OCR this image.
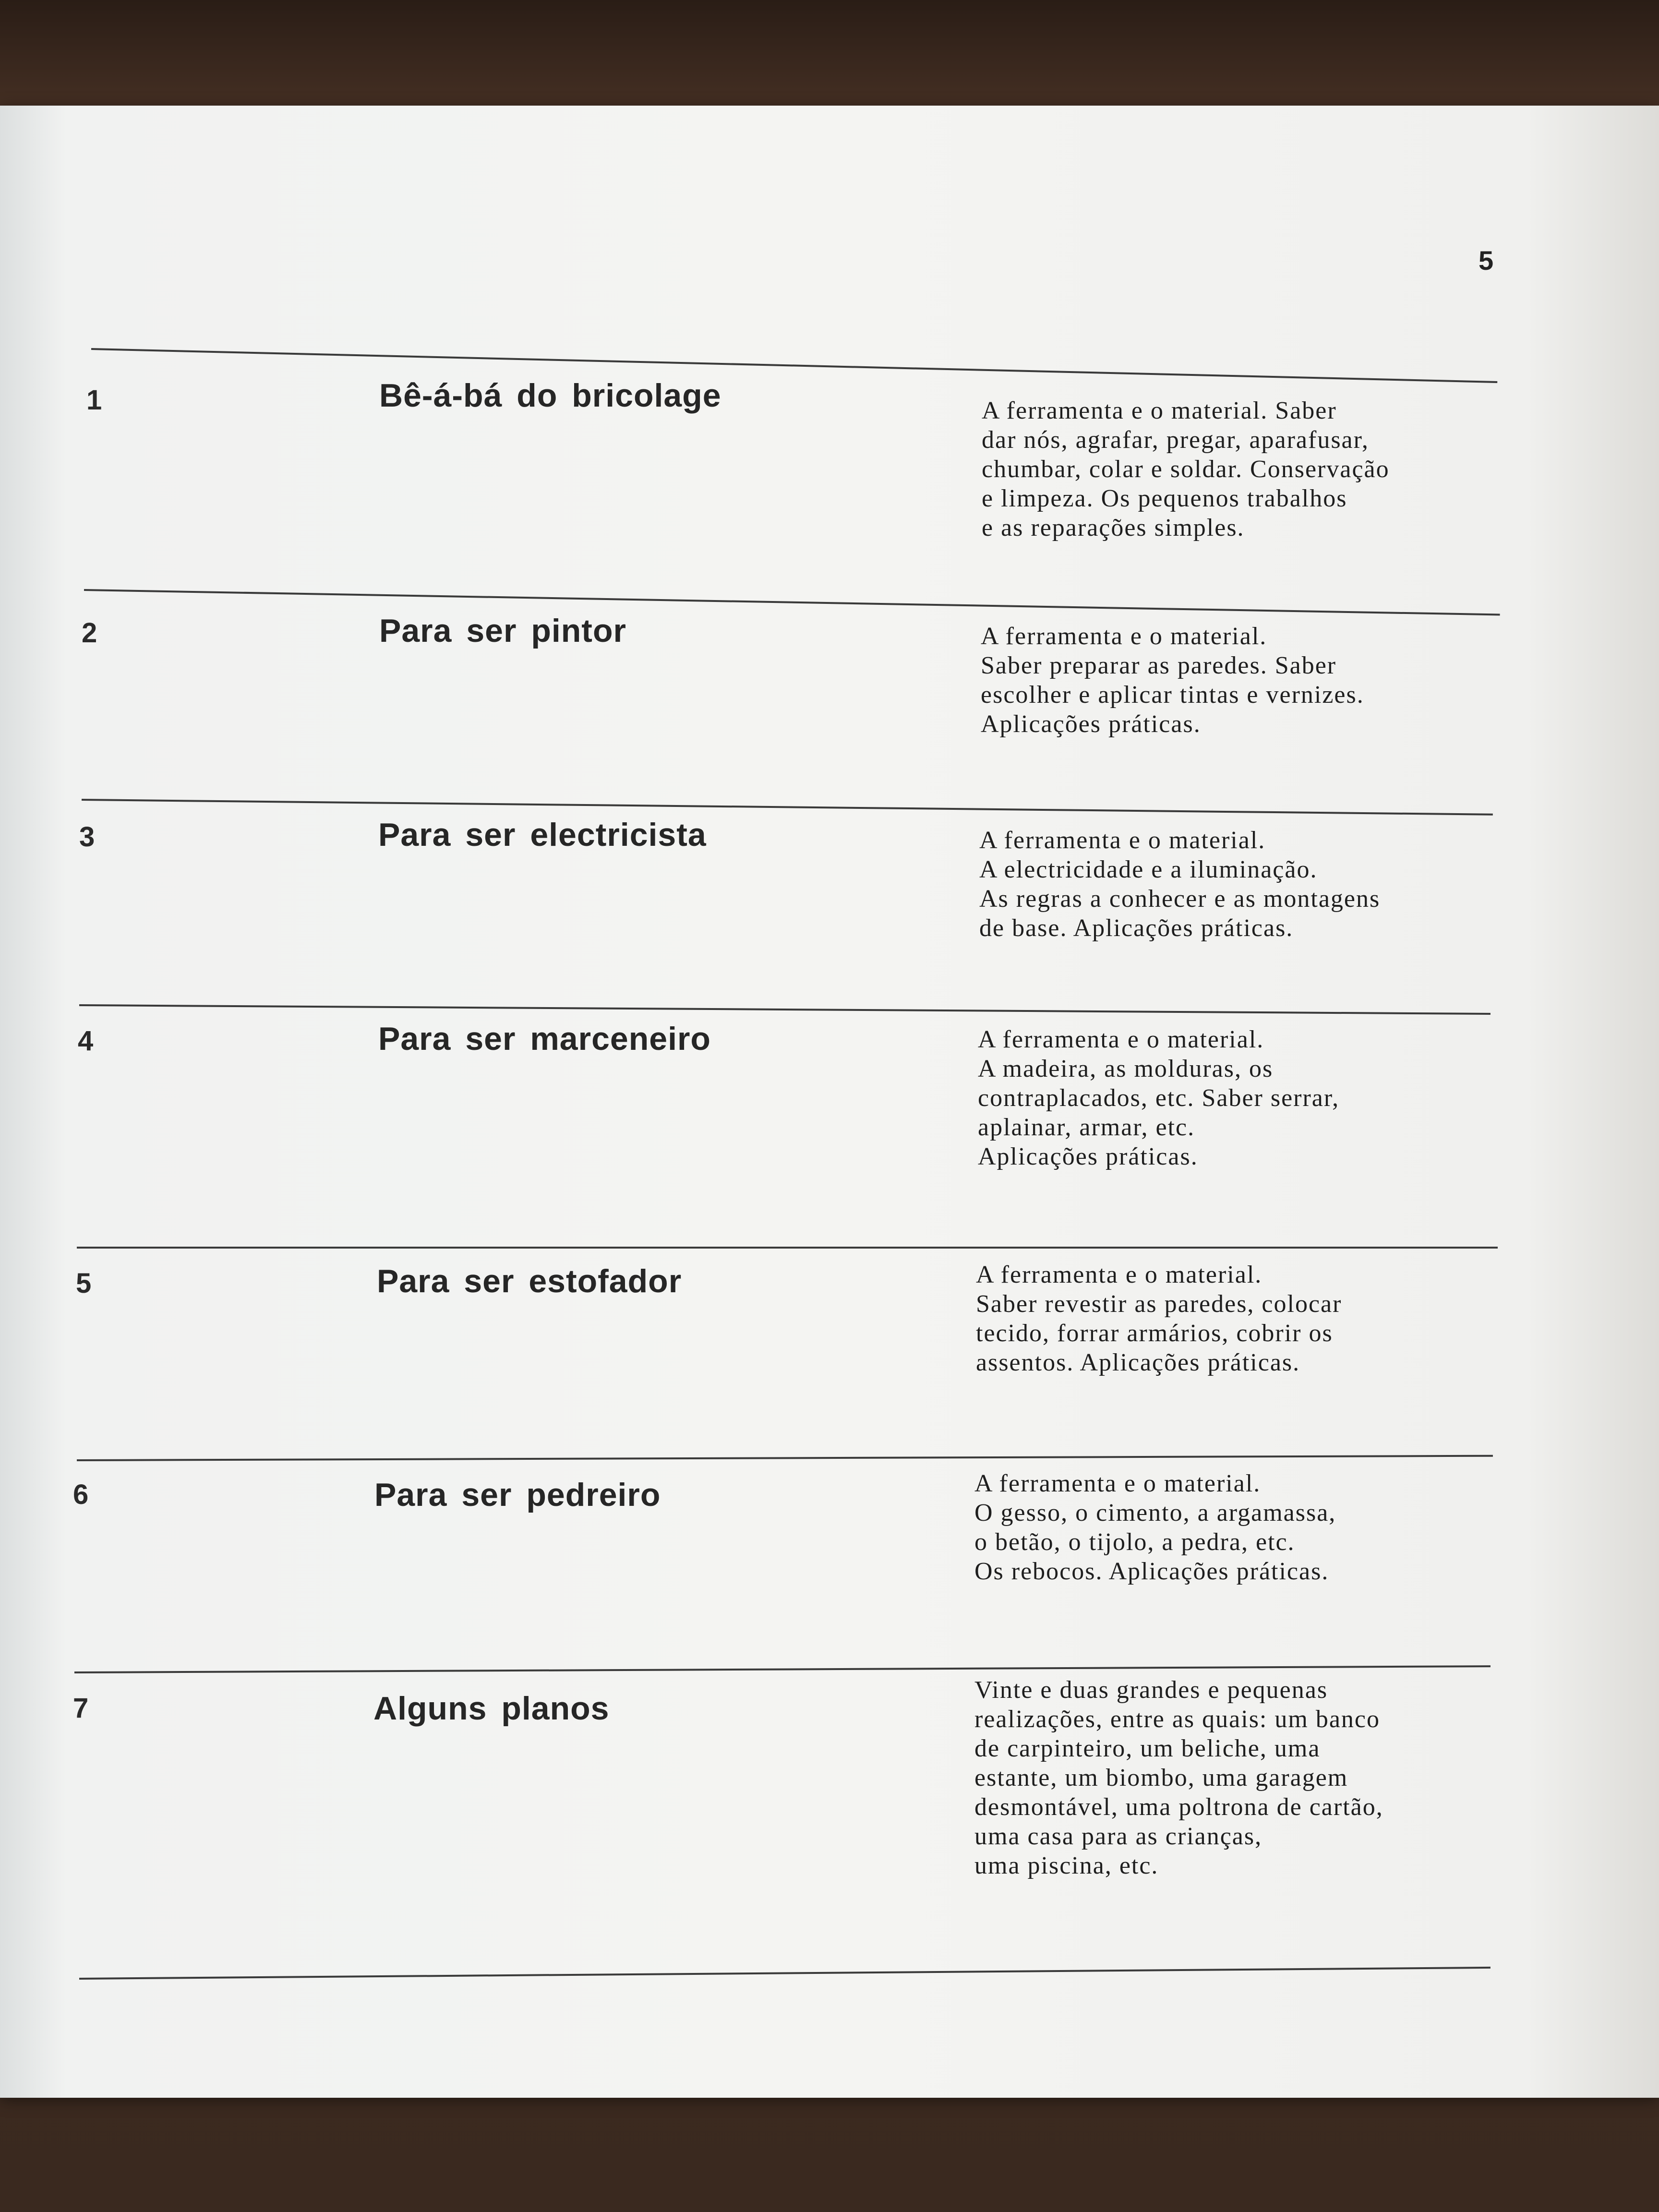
5
1	Bê-á-bá do bricolage	A ferramenta e o material. Saber
dar nós, agrafar, pregar, aparafusar,
chumbar, colar e soldar. Conservação
e limpeza. Os pequenos trabalhos
e as reparações simples.
2	Para ser pintor	A ferramenta e o material.
Saber preparar as paredes. Saber
escolher e aplicar tintas e vernizes.
Aplicações práticas.
3	Para ser electricista	A ferramenta e o material.
A electricidade e a iluminação.
As regras a conhecer e as montagens
de base. Aplicações práticas.
4	Para ser marceneiro	A ferramenta e o material.
A madeira, as molduras, os
contraplacados, etc. Saber serrar,
aplainar, armar, etc.
Aplicações práticas.
5	Para ser estofador	A ferramenta e o material.
Saber revestir as paredes, colocar
tecido, forrar armários, cobrir os
assentos. Aplicações práticas.
6	Para ser pedreiro	A ferramenta e o material.
O gesso, o cimento, a argamassa,
o betão, o tijolo, a pedra, etc.
Os rebocos. Aplicações práticas.
7	Alguns planos
Vinte e duas grandes e pequenas
realizações, entre as quais: um banco
de carpinteiro, um beliche, uma
estante, um biombo, uma garagem
desmontável, uma poltrona de cartão,
uma casa para as crianças,
uma piscina, etc.
